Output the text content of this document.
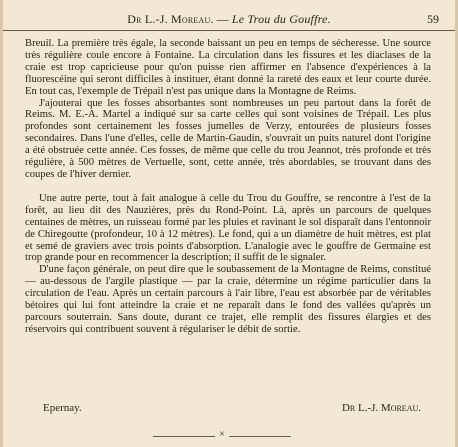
Dr L.-J. Moreau. — Le Trou du Gouffre.	59

Breuil. La première très égale, la seconde baissant un peu en temps de sécheresse. Une source très régulière coule encore à Fontaine. La circulation dans les fissures et les diaclases de la craie est trop capricieuse pour qu'on puisse rien affirmer en l'absence d'expériences à la fluorescéine qui seront difficiles à instituer, étant donné la rareté des eaux et leur courte durée. En tout cas, l'exemple de Trépail n'est pas unique dans la Montagne de Reims.

J'ajouterai que les fosses absorbantes sont nombreuses un peu partout dans la forêt de Reims. M. E.-A. Martel a indiqué sur sa carte celles qui sont voisines de Trépail. Les plus profondes sont certainement les fosses jumelles de Verzy, entourées de plusieurs fosses secondaires. Dans l'une d'elles, celle de Martin-Gaudin, s'ouvrait un puits naturel dont l'origine a été obstruée cette année. Ces fosses, de même que celle du trou Jeannot, très profonde et très régulière, à 500 mètres de Vertuelle, sont, cette année, très abordables, se trouvant dans des coupes de l'hiver dernier.

Une autre perte, tout à fait analogue à celle du Trou du Gouffre, se rencontre à l'est de la forêt, au lieu dit des Nauzières, près du Rond-Point. Là, après un parcours de quelques centaines de mètres, un ruisseau formé par les pluies et ravinant le sol disparaît dans l'entonnoir de Chiregoutte (profondeur, 10 à 12 mètres). Le fond, qui a un diamètre de huit mètres, est plat et semé de graviers avec trois points d'absorption. L'analogie avec le gouffre de Germaine est trop grande pour en recommencer la description; il suffit de le signaler.

D'une façon générale, on peut dire que le soubassement de la Montagne de Reims, constitué — au-dessous de l'argile plastique — par la craie, détermine un régime particulier dans la circulation de l'eau. Après un certain parcours à l'air libre, l'eau est absorbée par de véritables bétoires qui lui font atteindre la craie et ne reparaît dans le fond des vallées qu'après un parcours souterrain. Sans doute, durant ce trajet, elle remplit des fissures élargies et des réservoirs qui contribuent souvent à régulariser le débit de sortie.

Epernay.	Dr L.-J. Moreau.
×
